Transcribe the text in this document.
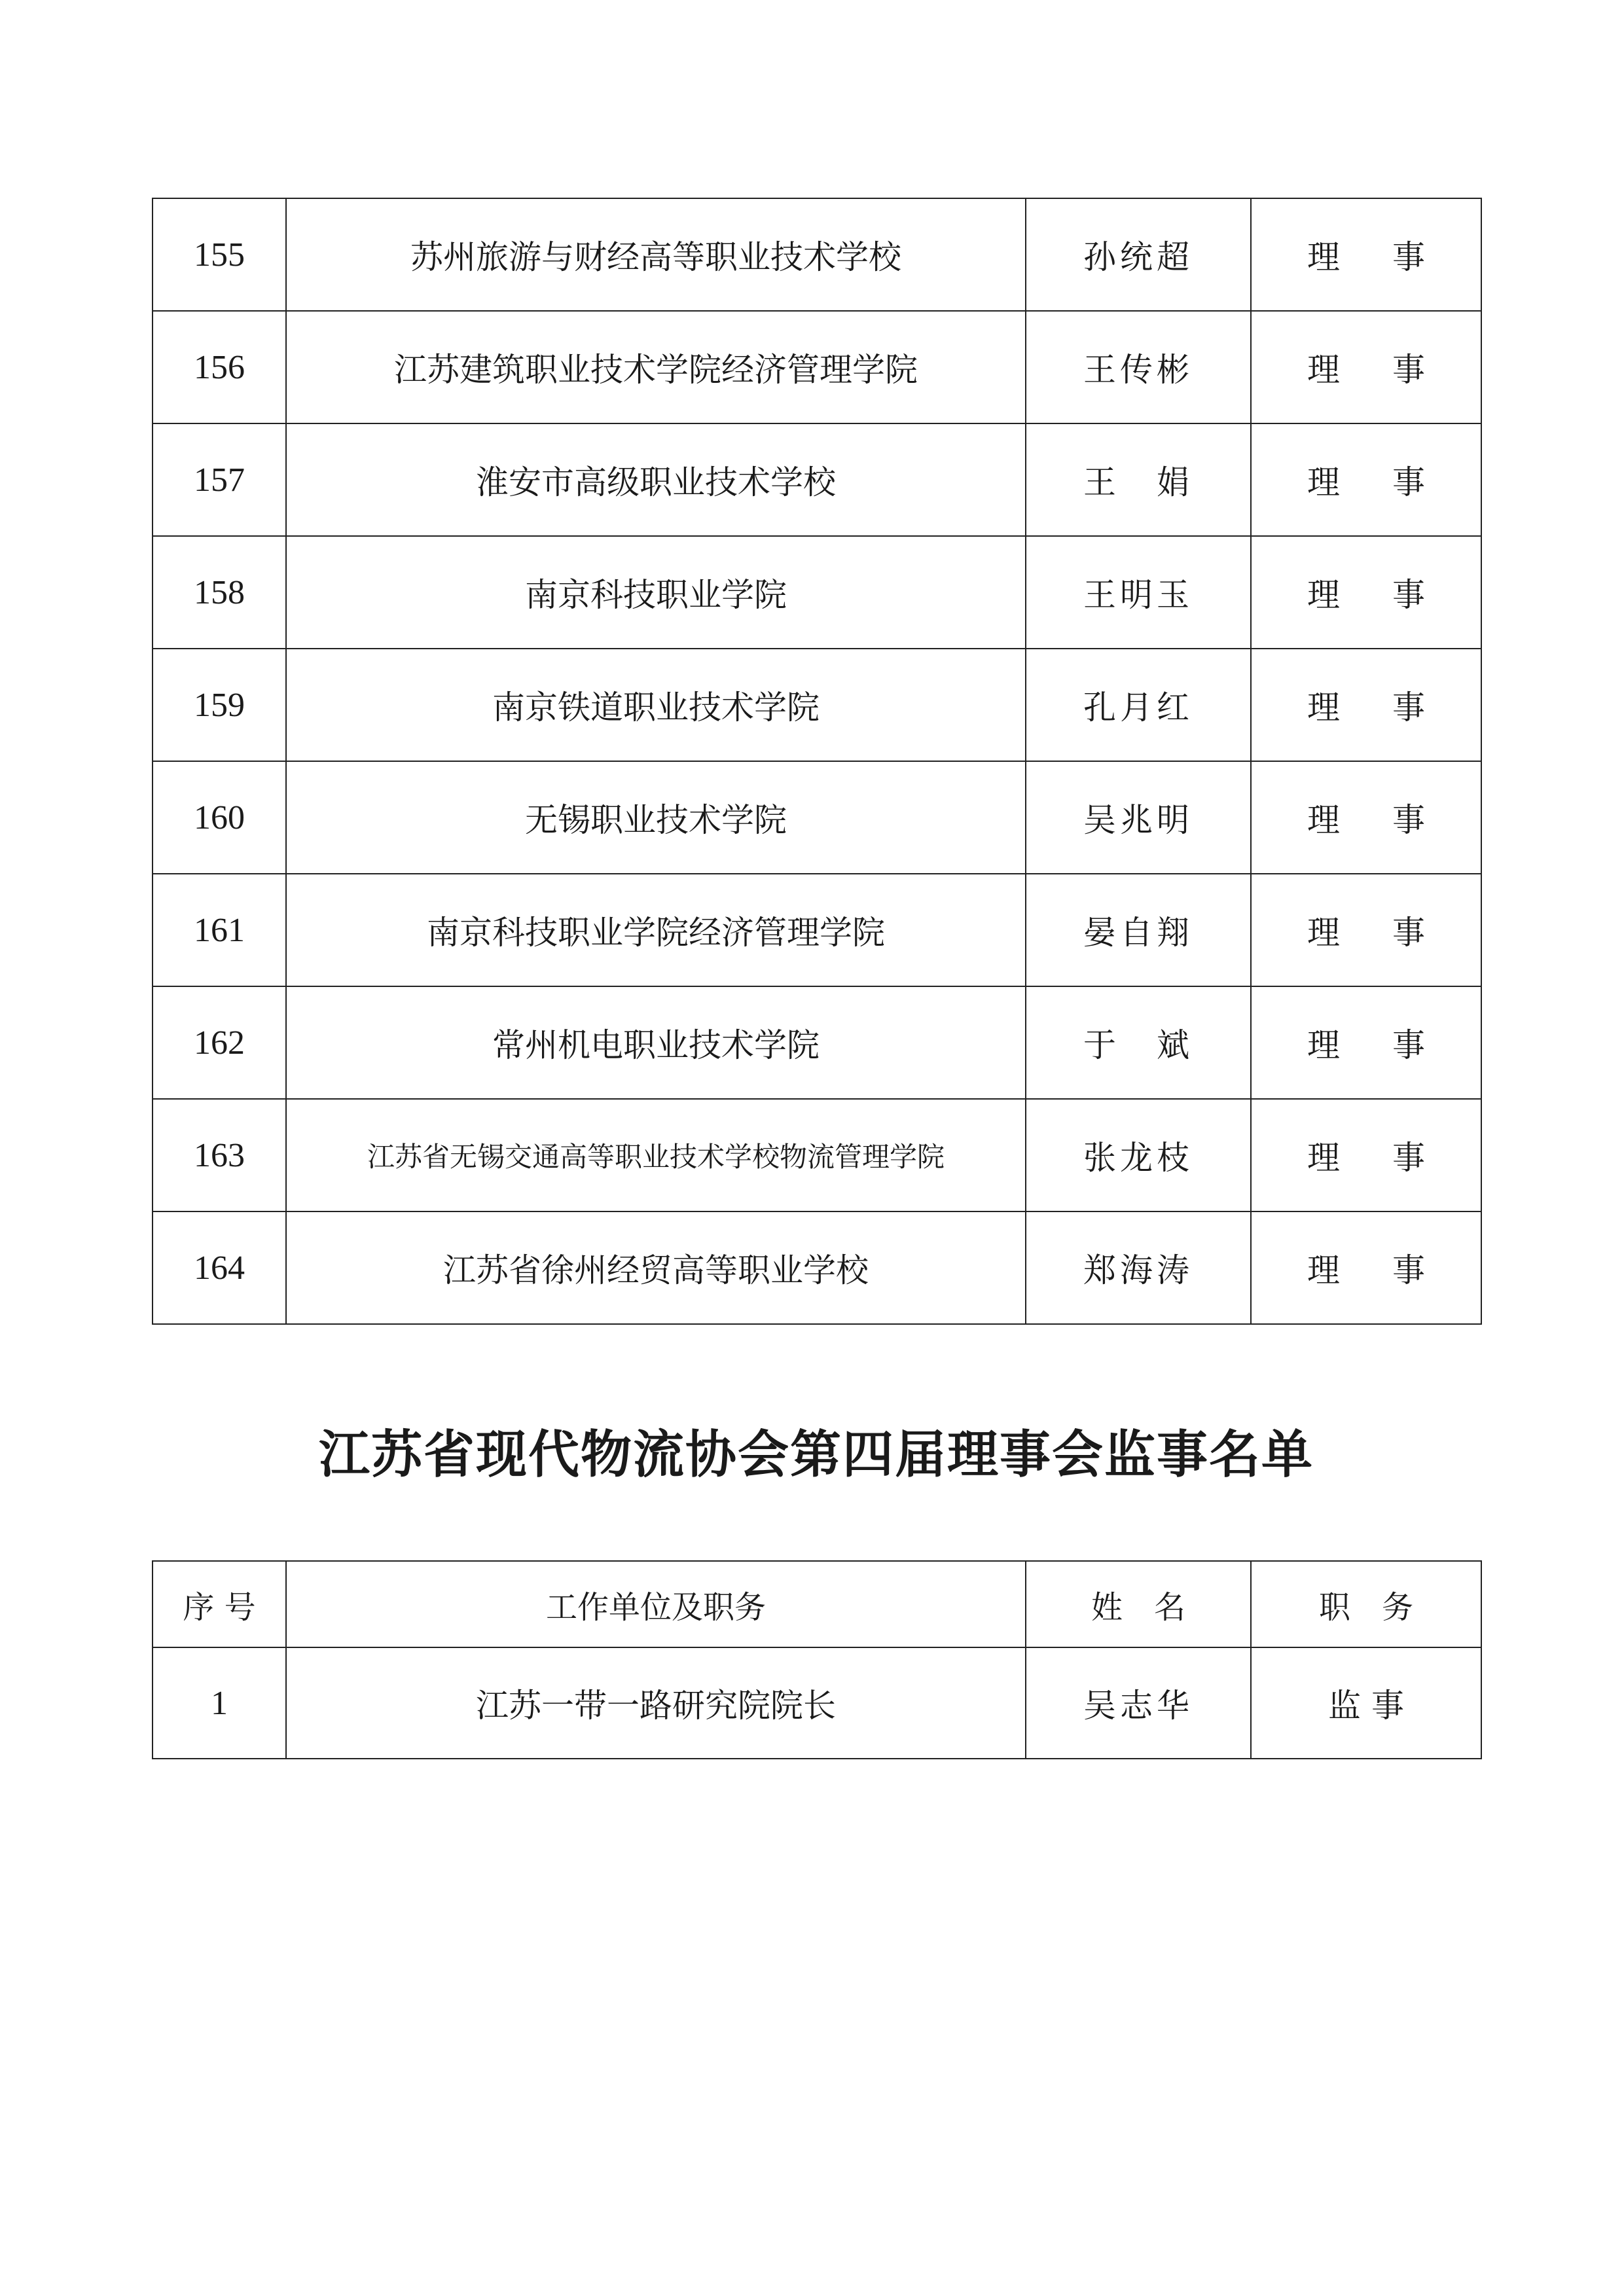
155	苏州旅游与财经高等职业技术学校	孙统超	理 事
156	江苏建筑职业技术学院经济管理学院	王传彬	理 事
157	淮安市高级职业技术学校	王　娟	理 事
158	南京科技职业学院	王明玉	理 事
159	南京铁道职业技术学院	孔月红	理 事
160	无锡职业技术学院	吴兆明	理 事
161	南京科技职业学院经济管理学院	晏自翔	理 事
162	常州机电职业技术学院	于　斌	理 事
163	江苏省无锡交通高等职业技术学校物流管理学院	张龙枝	理 事
164	江苏省徐州经贸高等职业学校	郑海涛	理 事
江苏省现代物流协会第四届理事会监事名单
序 号	工作单位及职务	姓　名	职　务
1	江苏一带一路研究院院长	吴志华	监 事
